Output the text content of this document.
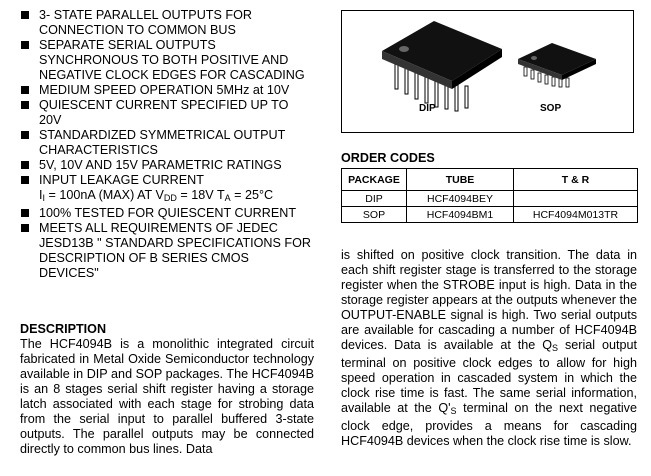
3- STATE PARALLEL OUTPUTS FOR CONNECTION TO COMMON BUS
SEPARATE SERIAL OUTPUTS SYNCHRONOUS TO BOTH POSITIVE AND NEGATIVE CLOCK EDGES FOR CASCADING
MEDIUM SPEED OPERATION 5MHz at 10V
QUIESCENT CURRENT SPECIFIED UP TO 20V
STANDARDIZED SYMMETRICAL OUTPUT CHARACTERISTICS
5V, 10V AND 15V PARAMETRIC RATINGS
INPUT LEAKAGE CURRENT
$I_I = 100nA$ (MAX) AT $V_{DD} = 18V$ $T_A = 25^\circ C$
100% TESTED FOR QUIESCENT CURRENT
MEETS ALL REQUIREMENTS OF JEDEC JESD13B " STANDARD SPECIFICATIONS FOR DESCRIPTION OF B SERIES CMOS DEVICES"
DESCRIPTION

The HCF4094B is a monolithic integrated circuit fabricated in Metal Oxide Semiconductor technology available in DIP and SOP packages. The HCF4094B is an 8 stages serial shift register having a storage latch associated with each stage for strobing data from the serial input to parallel buffered 3-state outputs. The parallel outputs may be connected directly to common bus lines. Data

DIP	SOP
ORDER CODES
PACKAGE	TUBE	T & R
DIP	HCF4094BEY	
SOP	HCF4094BM1	HCF4094M013TR

is shifted on positive clock transition. The data in each shift register stage is transferred to the storage register when the STROBE input is high. Data in the storage register appears at the outputs whenever the OUTPUT-ENABLE signal is high. Two serial outputs are available for cascading a number of HCF4094B devices. Data is available at the $Q_S$ serial output terminal on positive clock edges to allow for high speed operation in cascaded system in which the clock rise time is fast. The same serial information, available at the $Q'_S$ terminal on the next negative clock edge, provides a means for cascading HCF4094B devices when the clock rise time is slow.
